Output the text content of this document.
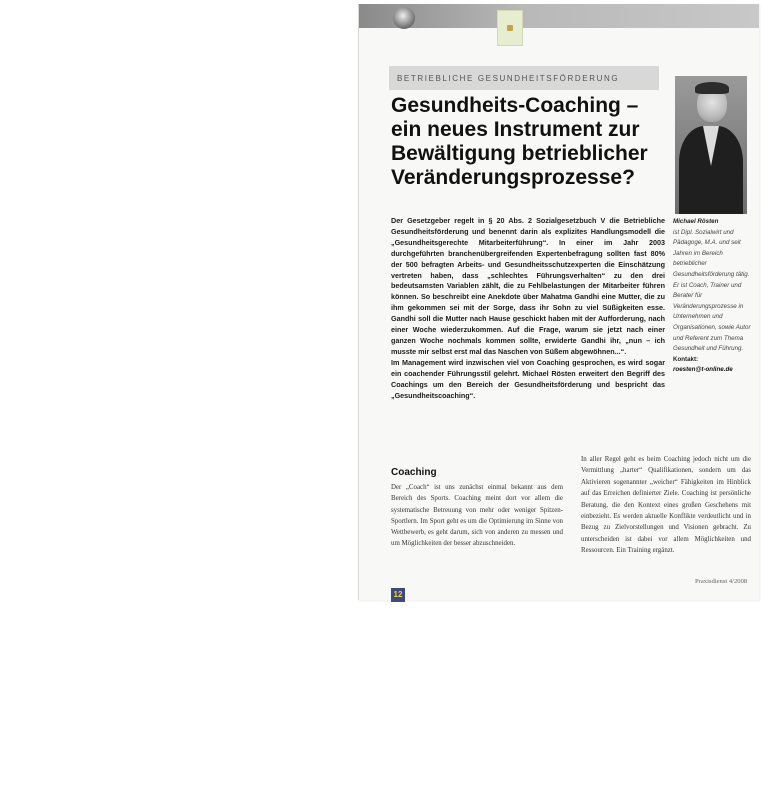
BETRIEBLICHE GESUNDHEITSFÖRDERUNG
Gesundheits-Coaching –
ein neues Instrument zur
Bewältigung betrieblicher
Veränderungsprozesse?

Der Gesetzgeber regelt in § 20 Abs. 2 Sozialgesetzbuch V die Betriebliche Gesundheitsförderung und benennt darin als explizites Handlungsmodell die „Gesundheitsgerechte Mitarbeiterführung“. In einer im Jahr 2003 durchgeführten branchenübergreifenden Expertenbefragung sollten fast 80% der 500 befragten Arbeits- und Gesundheitsschutzexperten die Einschätzung vertreten haben, dass „schlechtes Führungsverhalten“ zu den drei bedeutsamsten Variablen zählt, die zu Fehlbelastungen der Mitarbeiter führen können. So beschreibt eine Anekdote über Mahatma Gandhi eine Mutter, die zu ihm gekommen sei mit der Sorge, dass ihr Sohn zu viel Süßigkeiten esse. Gandhi soll die Mutter nach Hause geschickt haben mit der Aufforderung, nach einer Woche wiederzukommen. Auf die Frage, warum sie jetzt nach einer ganzen Woche nochmals kommen sollte, erwiderte Gandhi ihr, „nun – ich musste mir selbst erst mal das Naschen von Süßem abgewöhnen...“.

Im Management wird inzwischen viel von Coaching gesprochen, es wird sogar ein coachender Führungsstil gelehrt. Michael Rösten erweitert den Begriff des Coachings um den Bereich der Gesundheitsförderung und bespricht das „Gesundheitscoaching“.

Michael Rösten

ist Dipl. Sozialwirt und Pädagoge, M.A. und seit Jahren im Bereich betrieblicher Gesundheitsförderung tätig. Er ist Coach, Trainer und Berater für Veränderungsprozesse in Unternehmen und Organisationen, sowie Autor und Referent zum Thema Gesundheit und Führung.

Kontakt:
roesten@t-online.de
Coaching

Der „Coach“ ist uns zunächst einmal bekannt aus dem Bereich des Sports. Coaching meint dort vor allem die systematische Betreuung von mehr oder weniger Spitzen-Sportlern. Im Sport geht es um die Optimierung im Sinne von Wettbewerb, es geht darum, sich von anderen zu messen und um Möglichkeiten der besser abzuschneiden.

In aller Regel geht es beim Coaching jedoch nicht um die Vermittlung „harter“ Qualifikationen, sondern um das Aktivieren sogenannter „weicher“ Fähigkeiten im Hinblick auf das Erreichen definierter Ziele. Coaching ist persönliche Beratung, die den Kontext eines großen Geschehens mit einbezieht. Es werden aktuelle Konflikte verdeutlicht und in Bezug zu Zielvorstellungen und Visionen gebracht. Zu unterscheiden ist dabei vor allem Möglichkeiten und Ressourcen. Ein Training ergänzt.

12
Praxisdienst 4/2008
